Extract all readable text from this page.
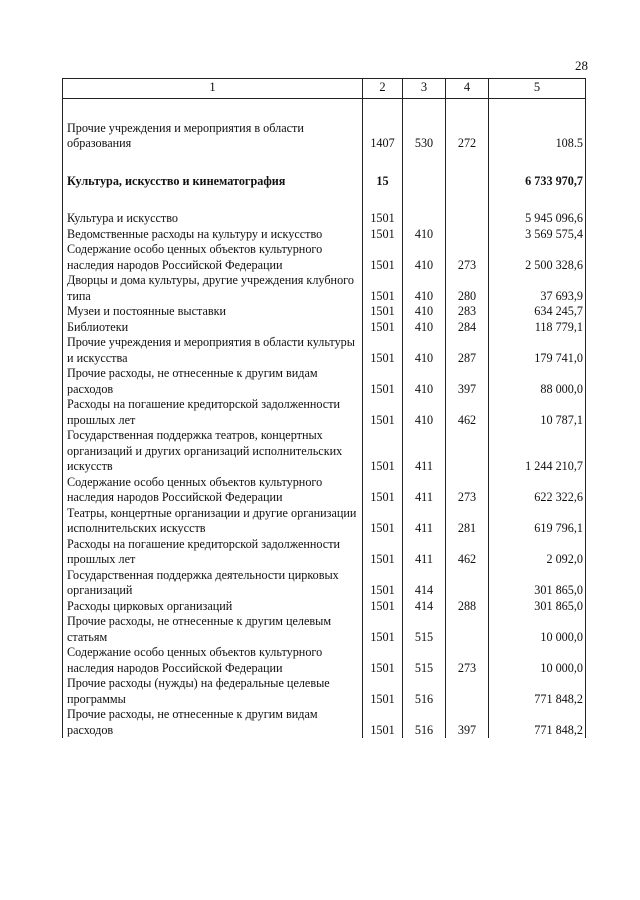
28
1	2	3	4	5

Прочие учреждения и мероприятия в области образования	1407	530	272	108.5

Культура, искусство и кинематография	15			6 733 970,7

Культура и искусство	1501			5 945 096,6
Ведомственные расходы на культуру и искусство	1501	410		3 569 575,4
Содержание особо ценных объектов культурного наследия народов Российской Федерации	1501	410	273	2 500 328,6
Дворцы и дома культуры, другие учреждения клубного типа	1501	410	280	37 693,9
Музеи и постоянные выставки	1501	410	283	634 245,7
Библиотеки	1501	410	284	118 779,1
Прочие учреждения и мероприятия в области культуры и искусства	1501	410	287	179 741,0
Прочие расходы, не отнесенные к другим видам расходов	1501	410	397	88 000,0
Расходы на погашение кредиторской задолженности прошлых лет	1501	410	462	10 787,1
Государственная поддержка театров, концертных организаций и других организаций исполнительских искусств	1501	411		1 244 210,7
Содержание особо ценных объектов культурного наследия народов Российской Федерации	1501	411	273	622 322,6
Театры, концертные организации и другие организации исполнительских искусств	1501	411	281	619 796,1
Расходы на погашение кредиторской задолженности прошлых лет	1501	411	462	2 092,0
Государственная поддержка деятельности цирковых организаций	1501	414		301 865,0
Расходы цирковых организаций	1501	414	288	301 865,0
Прочие расходы, не отнесенные к другим целевым статьям	1501	515		10 000,0
Содержание особо ценных объектов культурного наследия народов Российской Федерации	1501	515	273	10 000,0
Прочие расходы (нужды) на федеральные целевые программы	1501	516		771 848,2
Прочие расходы, не отнесенные к другим видам расходов	1501	516	397	771 848,2
